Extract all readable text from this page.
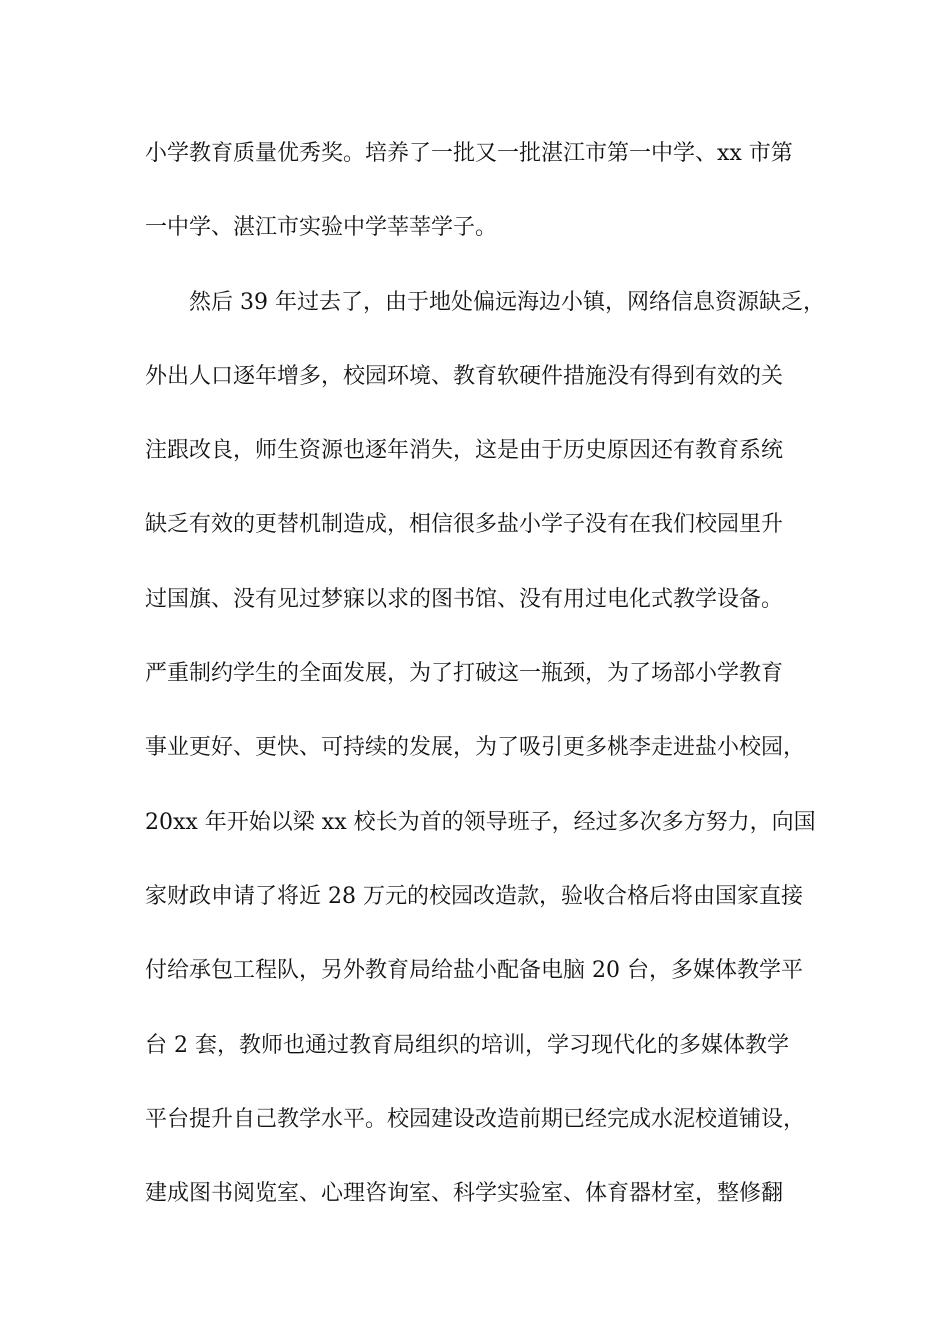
小学教育质量优秀奖。培养了一批又一批湛江市第一中学、xx 市第
一中学、湛江市实验中学莘莘学子。
然后 39 年过去了，由于地处偏远海边小镇，网络信息资源缺乏，
外出人口逐年增多，校园环境、教育软硬件措施没有得到有效的关
注跟改良，师生资源也逐年消失，这是由于历史原因还有教育系统
缺乏有效的更替机制造成，相信很多盐小学子没有在我们校园里升
过国旗、没有见过梦寐以求的图书馆、没有用过电化式教学设备。
严重制约学生的全面发展，为了打破这一瓶颈，为了场部小学教育
事业更好、更快、可持续的发展，为了吸引更多桃李走进盐小校园，
20xx 年开始以梁 xx 校长为首的领导班子，经过多次多方努力，向国
家财政申请了将近 28 万元的校园改造款，验收合格后将由国家直接
付给承包工程队，另外教育局给盐小配备电脑 20 台，多媒体教学平
台 2 套，教师也通过教育局组织的培训，学习现代化的多媒体教学
平台提升自己教学水平。校园建设改造前期已经完成水泥校道铺设，
建成图书阅览室、心理咨询室、科学实验室、体育器材室，整修翻
